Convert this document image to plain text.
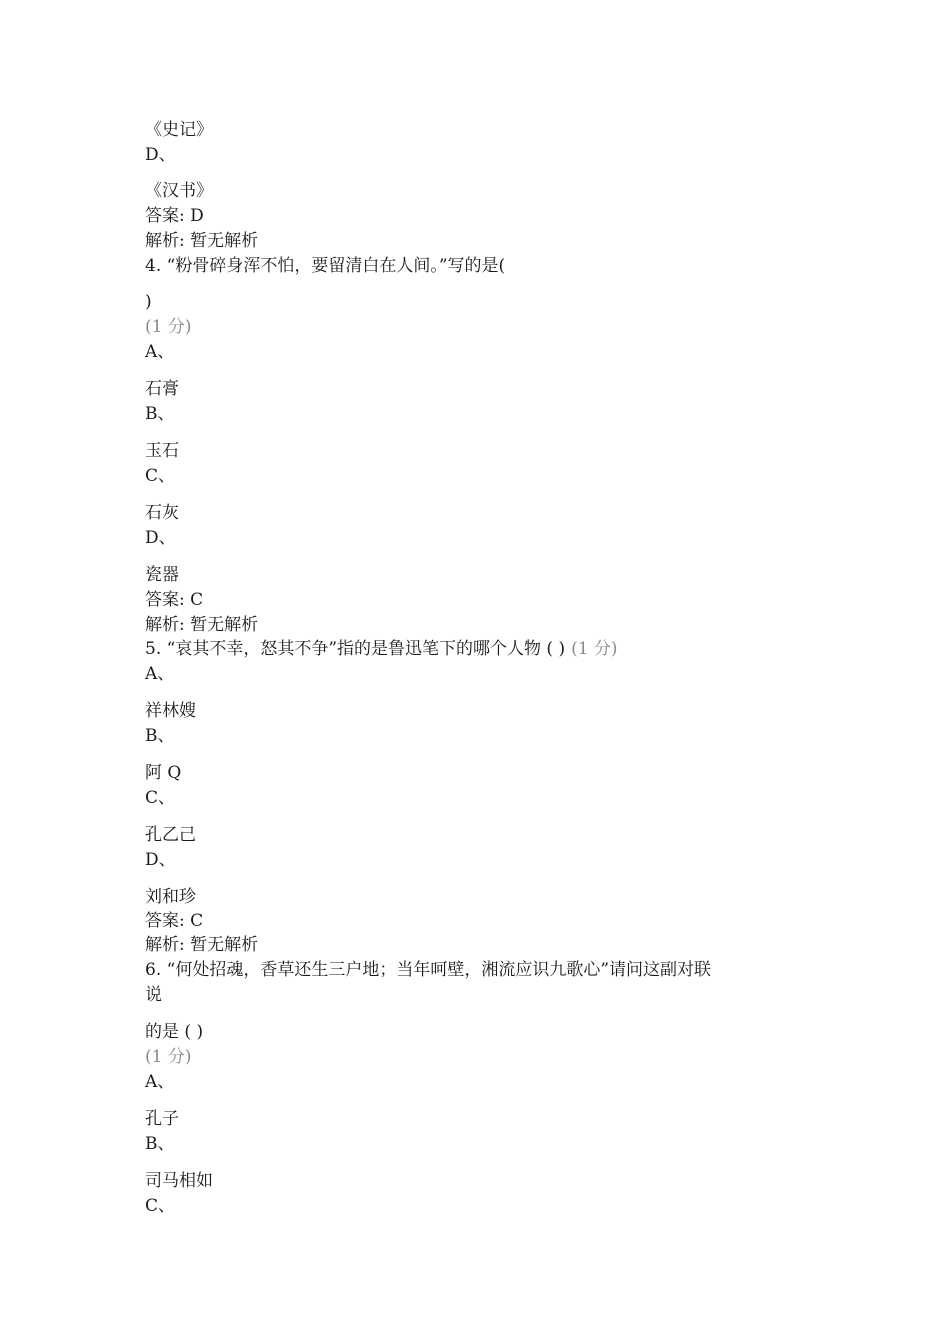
《史记》
D、
《汉书》
答案: D
解析: 暂无解析
4. “粉骨碎身浑不怕，要留清白在人间。”写的是(
)
(1 分)
A、
石膏
B、
玉石
C、
石灰
D、
瓷器
答案: C
解析: 暂无解析
5. “哀其不幸，怒其不争”指的是鲁迅笔下的哪个人物 ( ) (1 分)
A、
祥林嫂
B、
阿 Q
C、
孔乙己
D、
刘和珍
答案: C
解析: 暂无解析
6. “何处招魂，香草还生三户地；当年呵壁，湘流应识九歌心”请问这副对联
说
的是 ( )
(1 分)
A、
孔子
B、
司马相如
C、
